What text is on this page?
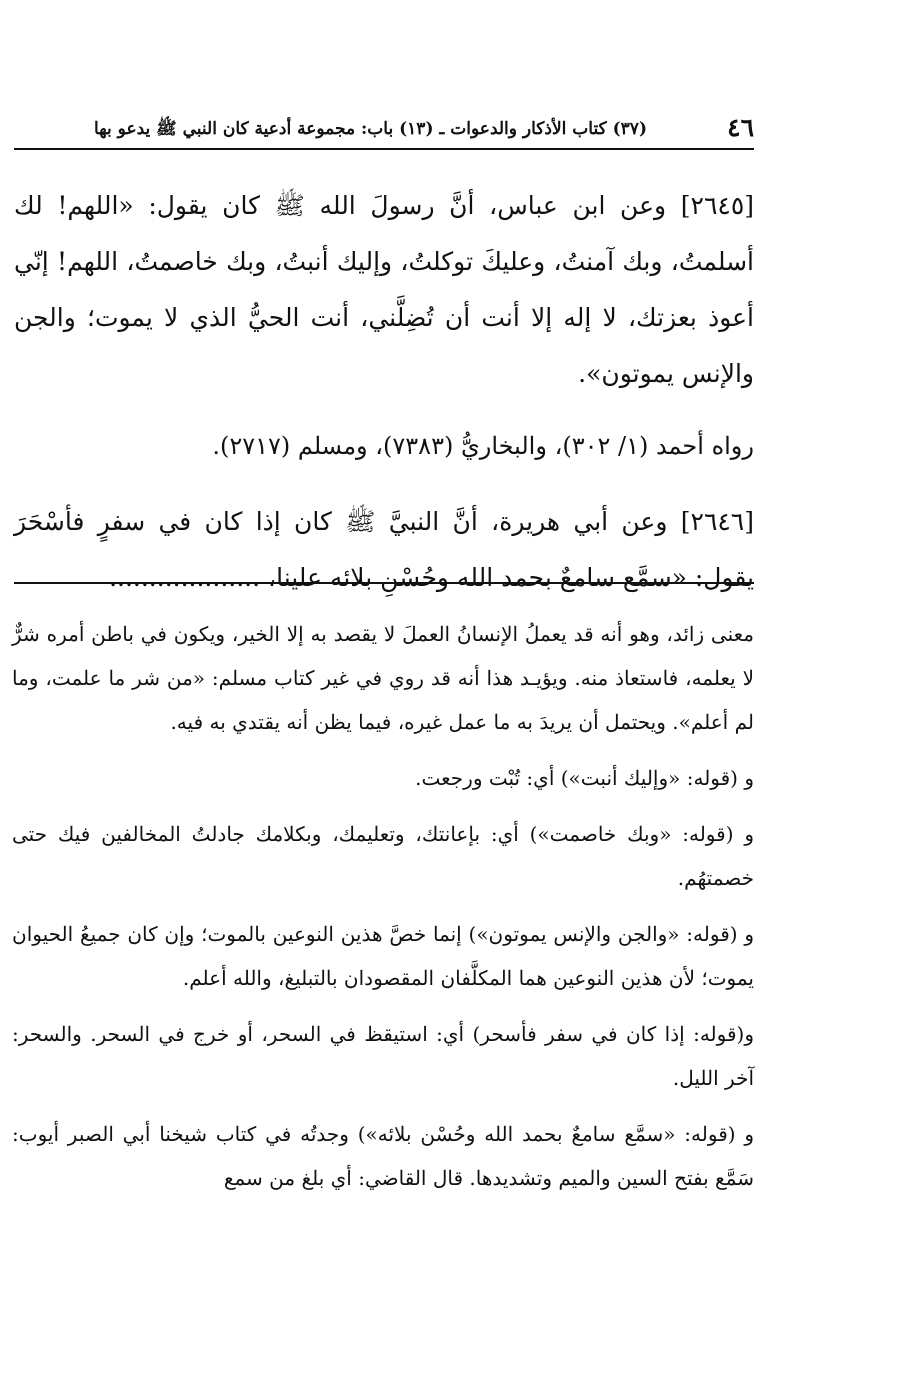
٤٦
(٣٧) كتاب الأذكار والدعوات ـ (١٣) باب: مجموعة أدعية كان النبي ﷺ يدعو بها

[٢٦٤٥] وعن ابن عباس، أنَّ رسولَ الله ﷺ كان يقول: «اللهم! لك أسلمتُ، وبك آمنتُ، وعليكَ توكلتُ، وإليك أنبتُ، وبك خاصمتُ، اللهم! إنّي أعوذ بعزتك، لا إله إلا أنت أن تُضِلَّني، أنت الحيُّ الذي لا يموت؛ والجن والإنس يموتون».

رواه أحمد (١/ ٣٠٢)، والبخاريُّ (٧٣٨٣)، ومسلم (٢٧١٧).

[٢٦٤٦] وعن أبي هريرة، أنَّ النبيَّ ﷺ كان إذا كان في سفرٍ فأسْحَرَ يقول: «سمَّع سامعٌ بحمد الله وحُسْنِ بلائه علينا، ...................

معنى زائد، وهو أنه قد يعملُ الإنسانُ العملَ لا يقصد به إلا الخير، ويكون في باطن أمره شرٌّ لا يعلمه، فاستعاذ منه. ويؤيـد هذا أنه قد روي في غير كتاب مسلم: «من شر ما علمت، وما لم أعلم». ويحتمل أن يريدَ به ما عمل غيره، فيما يظن أنه يقتدي به فيه.

و (قوله: «وإليك أنبت») أي: تُبْت ورجعت.

و (قوله: «وبك خاصمت») أي: بإعانتك، وتعليمك، وبكلامك جادلتُ المخالفين فيك حتى خصمتهُم.

و (قوله: «والجن والإنس يموتون») إنما خصَّ هذين النوعين بالموت؛ وإن كان جميعُ الحيوان يموت؛ لأن هذين النوعين هما المكلَّفان المقصودان بالتبليغ، والله أعلم.

و(قوله: إذا كان في سفر فأسحر) أي: استيقظ في السحر، أو خرج في السحر. والسحر: آخر الليل.

و (قوله: «سمَّع سامعٌ بحمد الله وحُسْن بلائه») وجدتُه في كتاب شيخنا أبي الصبر أيوب: سَمَّع بفتح السين والميم وتشديدها. قال القاضي: أي بلغ من سمع
